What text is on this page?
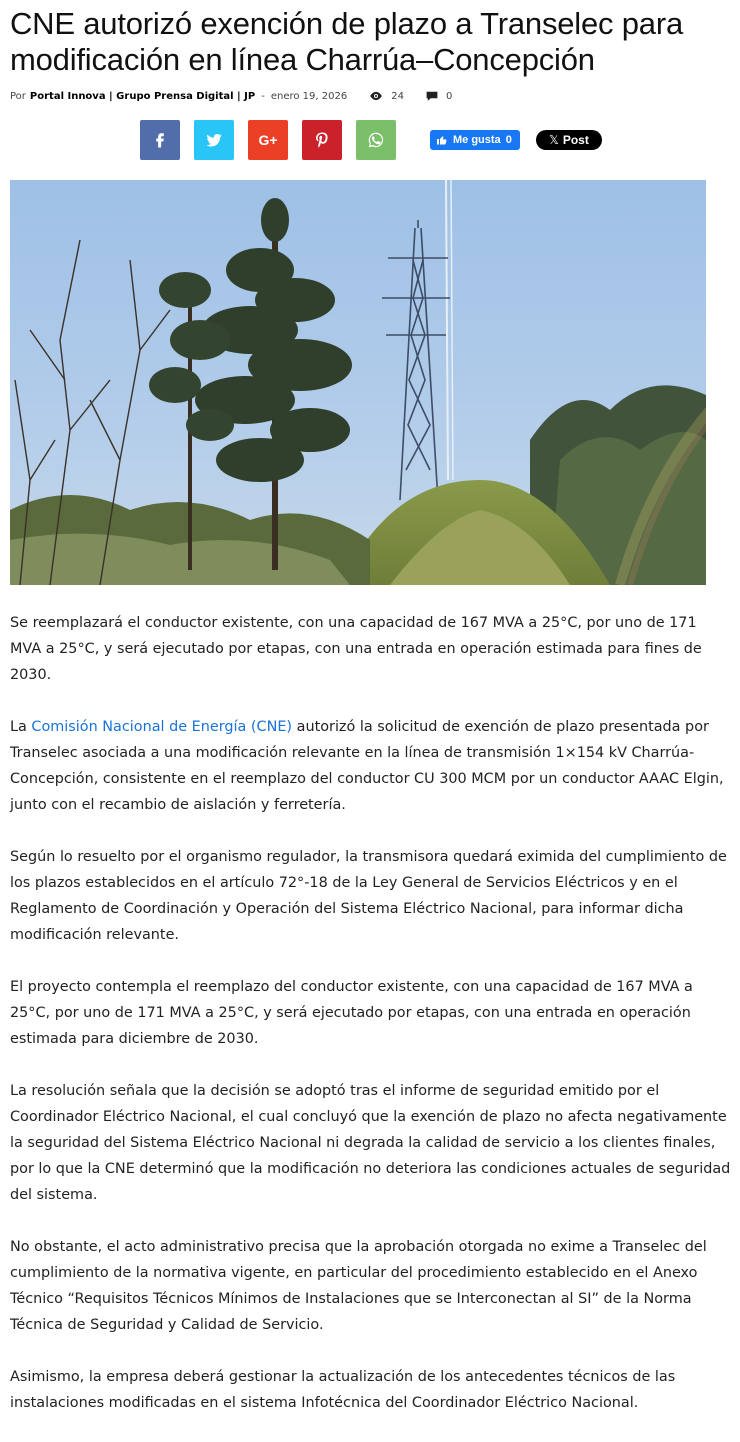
CNE autorizó exención de plazo a Transelec para modificación en línea Charrúa–Concepción
Por Portal Innova | Grupo Prensa Digital | JP - enero 19, 2026	24	0
G+	Me gusta 0	𝕏 Post

Se reemplazará el conductor existente, con una capacidad de 167 MVA a 25°C, por uno de 171 MVA a 25°C, y será ejecutado por etapas, con una entrada en operación estimada para fines de 2030.

La Comisión Nacional de Energía (CNE) autorizó la solicitud de exención de plazo presentada por Transelec asociada a una modificación relevante en la línea de transmisión 1×154 kV Charrúa-Concepción, consistente en el reemplazo del conductor CU 300 MCM por un conductor AAAC Elgin, junto con el recambio de aislación y ferretería.

Según lo resuelto por el organismo regulador, la transmisora quedará eximida del cumplimiento de los plazos establecidos en el artículo 72°-18 de la Ley General de Servicios Eléctricos y en el Reglamento de Coordinación y Operación del Sistema Eléctrico Nacional, para informar dicha modificación relevante.

El proyecto contempla el reemplazo del conductor existente, con una capacidad de 167 MVA a 25°C, por uno de 171 MVA a 25°C, y será ejecutado por etapas, con una entrada en operación estimada para diciembre de 2030.

La resolución señala que la decisión se adoptó tras el informe de seguridad emitido por el Coordinador Eléctrico Nacional, el cual concluyó que la exención de plazo no afecta negativamente la seguridad del Sistema Eléctrico Nacional ni degrada la calidad de servicio a los clientes finales, por lo que la CNE determinó que la modificación no deteriora las condiciones actuales de seguridad del sistema.

No obstante, el acto administrativo precisa que la aprobación otorgada no exime a Transelec del cumplimiento de la normativa vigente, en particular del procedimiento establecido en el Anexo Técnico “Requisitos Técnicos Mínimos de Instalaciones que se Interconectan al SI” de la Norma Técnica de Seguridad y Calidad de Servicio.

Asimismo, la empresa deberá gestionar la actualización de los antecedentes técnicos de las instalaciones modificadas en el sistema Infotécnica del Coordinador Eléctrico Nacional.
